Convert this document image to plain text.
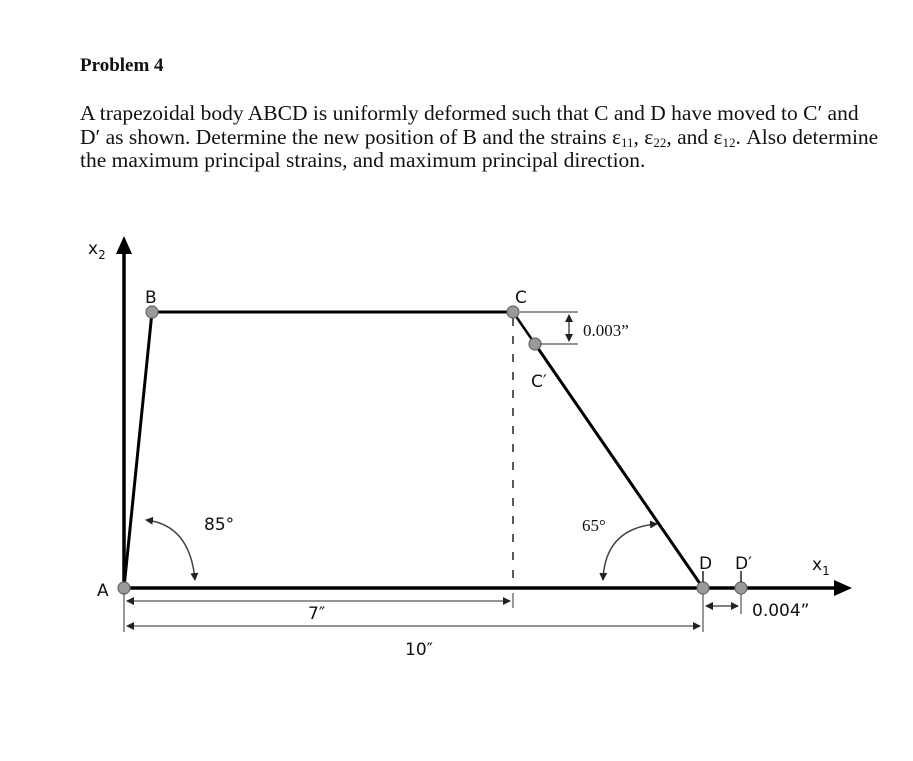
Problem 4
A trapezoidal body ABCD is uniformly deformed such that C and D have moved to C′ and D′ as shown. Determine the new position of B and the strains $\varepsilon_{11}$, $\varepsilon_{22}$, and $\varepsilon_{12}$. Also determine the maximum principal strains, and maximum principal direction.
$x_2$
$x_1$
A
B	C
C′
D D′
85°	65°
7″
10″
0.003”
0.004”
